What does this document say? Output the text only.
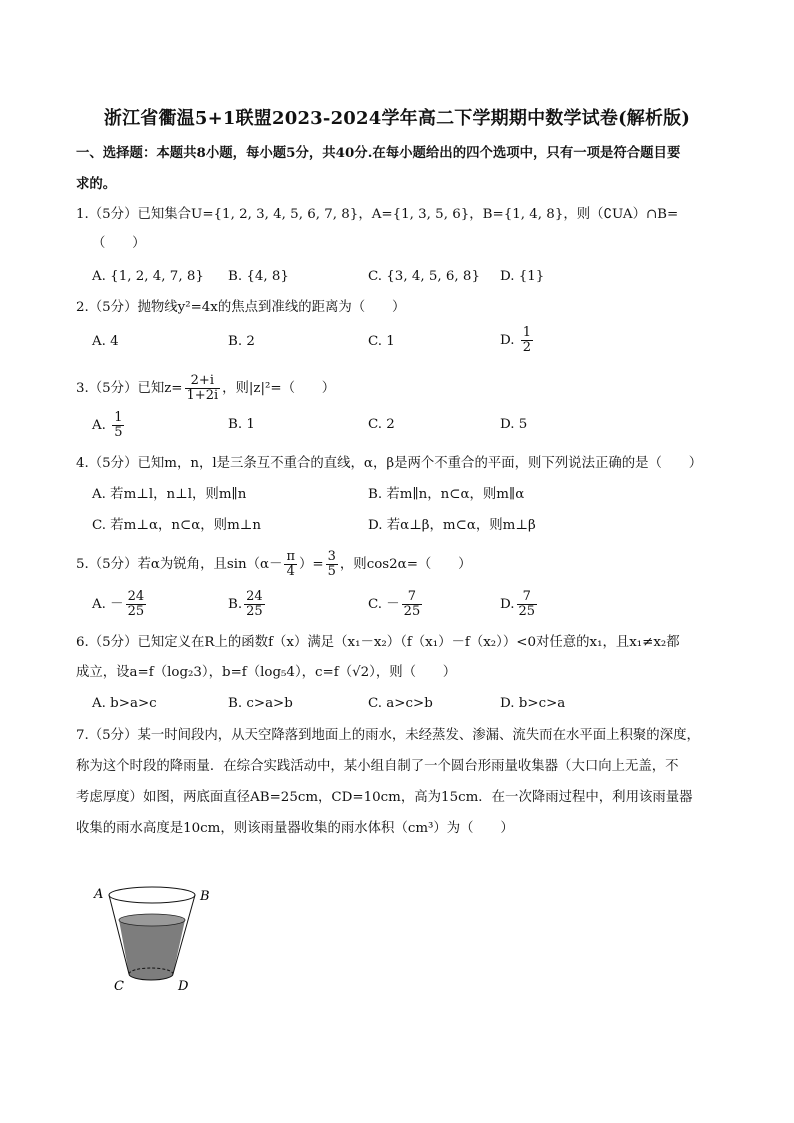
浙江省衢温5+1联盟2023-2024学年高二下学期期中数学试卷(解析版)
一、选择题：本题共8小题，每小题5分，共40分.在每小题给出的四个选项中，只有一项是符合题目要
求的。
1.（5分）已知集合U={1, 2, 3, 4, 5, 6, 7, 8}，A={1, 3, 5, 6}，B={1, 4, 8}，则（∁UA）∩B=
（　　）
A. {1, 2, 4, 7, 8} B. {4, 8}	C. {3, 4, 5, 6, 8} D. {1}
2.（5分）抛物线y²=4x的焦点到准线的距离为（　　）
A. 4	B. 2	C. 1	D. $\frac{1}{2}$
3.（5分）已知$z= \frac{2+i}{1+2i}$ ，则|z|²=（　　）
A. $\frac{1}{5}$	B. 1	C. 2	D. 5
4.（5分）已知m，n，l是三条互不重合的直线，α，β是两个不重合的平面，则下列说法正确的是（　　）
A. 若m⊥l，n⊥l，则m∥n	B. 若m∥n，n⊂α，则m∥α
C. 若m⊥α，n⊂α，则m⊥n	D. 若α⊥β，m⊂α，则m⊥β
5.（5分）若α为锐角，且$\sin(\alpha- \frac{\pi}{4}$ ）= $\frac{3}{5}$ ，则cos2α=（　　）
A. － $\frac{24}{25}$	B. $\frac{24}{25}$	C. － $\frac{7}{25}$	D. $\frac{7}{25}$
6.（5分）已知定义在R上的函数f（x）满足（x₁－x₂）（f（x₁）－f（x₂））<0对任意的x₁，且x₁≠x₂都
成立，设a=f（log₂3），b=f（log₅4），c=f（√2），则（　　）
A. b>a>c	B. c>a>b	C. a>c>b	D. b>c>a
7.（5分）某一时间段内，从天空降落到地面上的雨水，未经蒸发、渗漏、流失而在水平面上积聚的深度，
称为这个时段的降雨量．在综合实践活动中，某小组自制了一个圆台形雨量收集器（大口向上无盖，不
考虑厚度）如图，两底面直径AB=25cm，CD=10cm，高为15cm．在一次降雨过程中，利用该雨量器
收集的雨水高度是10cm，则该雨量器收集的雨水体积（cm³）为（　　）
A	B
C	D
